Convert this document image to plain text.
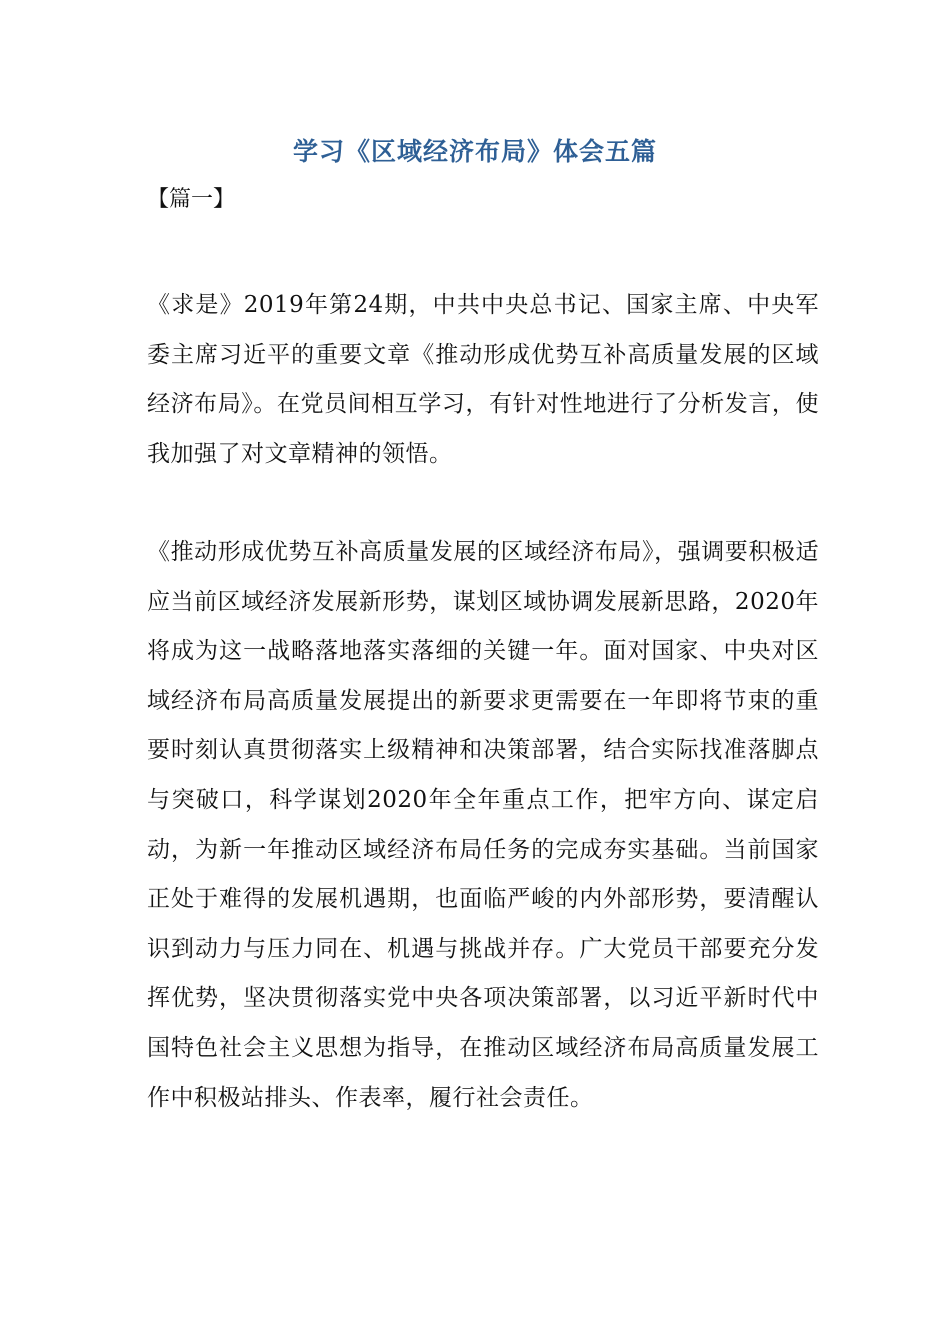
学习《区域经济布局》体会五篇
【篇一】
《求是》2019年第24期，中共中央总书记、国家主席、中央军委主席习近平的重要文章《推动形成优势互补高质量发展的区域经济布局》。在党员间相互学习，有针对性地进行了分析发言，使我加强了对文章精神的领悟。
《推动形成优势互补高质量发展的区域经济布局》，强调要积极适应当前区域经济发展新形势，谋划区域协调发展新思路，2020年将成为这一战略落地落实落细的关键一年。面对国家、中央对区域经济布局高质量发展提出的新要求更需要在一年即将节束的重要时刻认真贯彻落实上级精神和决策部署，结合实际找准落脚点与突破口，科学谋划2020年全年重点工作，把牢方向、谋定启动，为新一年推动区域经济布局任务的完成夯实基础。当前国家正处于难得的发展机遇期，也面临严峻的内外部形势，要清醒认识到动力与压力同在、机遇与挑战并存。广大党员干部要充分发挥优势，坚决贯彻落实党中央各项决策部署，以习近平新时代中国特色社会主义思想为指导，在推动区域经济布局高质量发展工作中积极站排头、作表率，履行社会责任。
